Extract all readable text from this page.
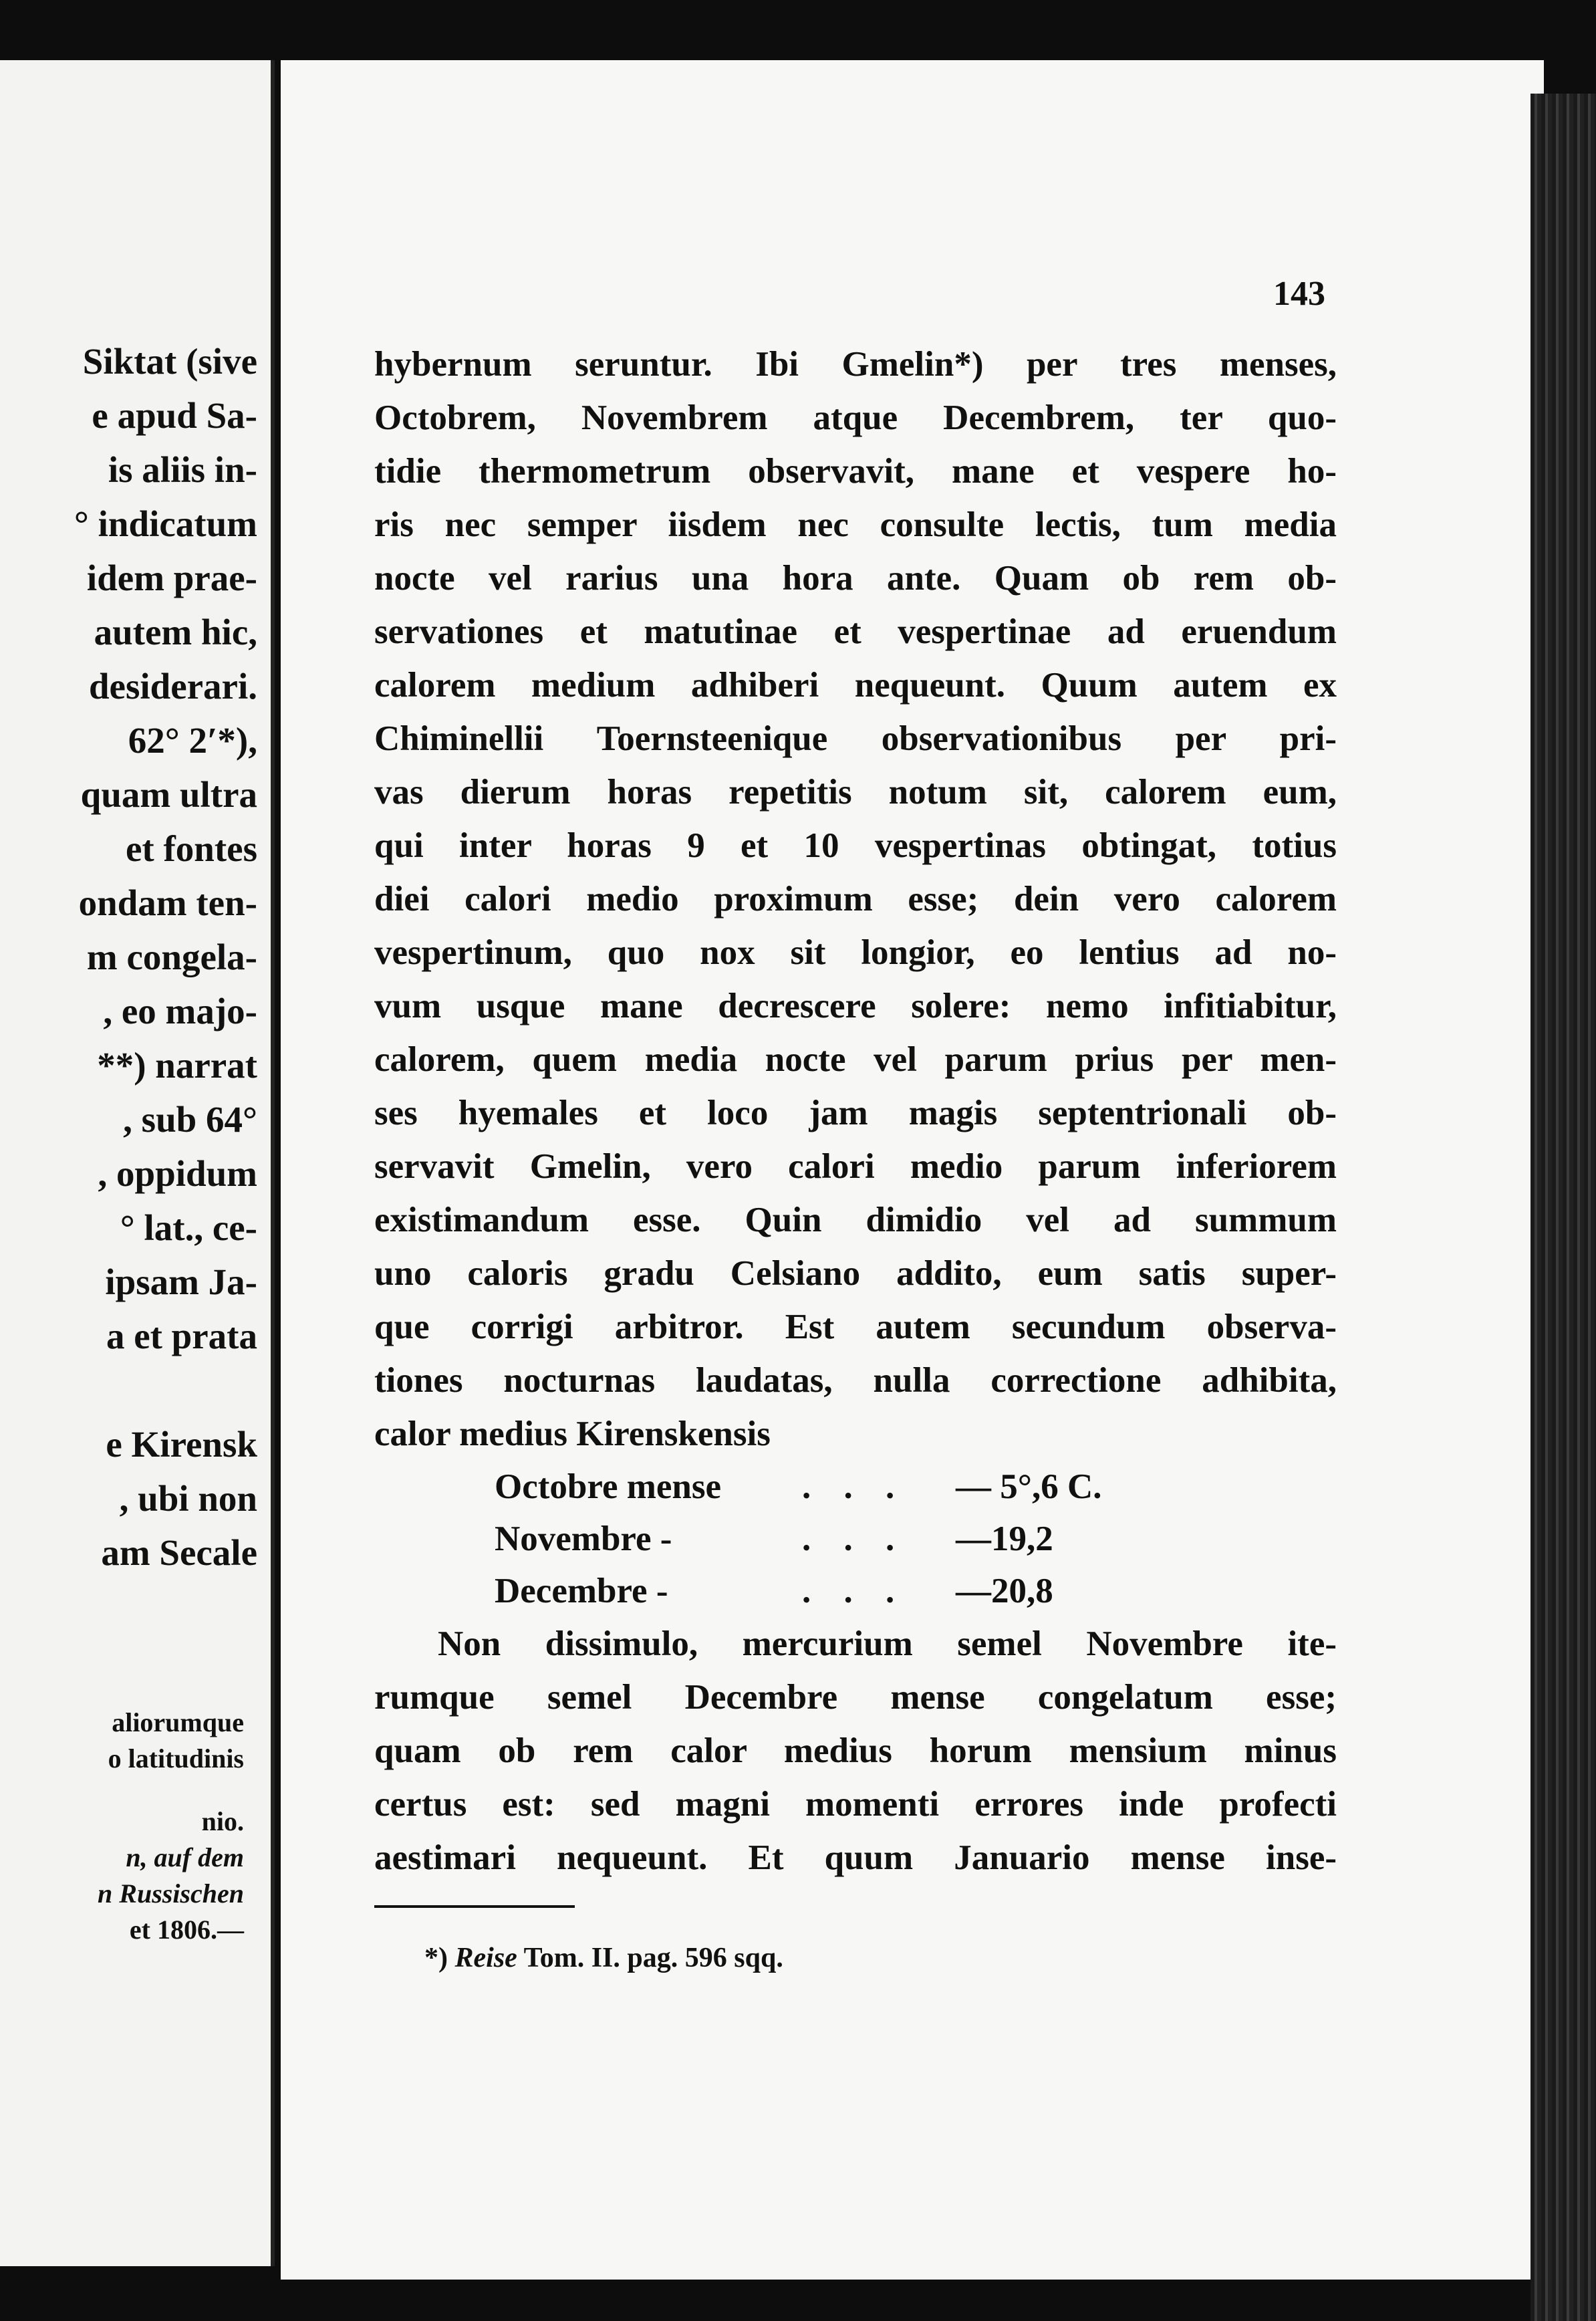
Siktat (sive
e apud Sa-
is aliis in-
° indicatum
idem prae-
autem hic,
desiderari.
62° 2′*),
quam ultra
et fontes
ondam ten-
m congela-
, eo majo-
**) narrat
, sub 64°
, oppidum
° lat., ce-
ipsam Ja-
a et prata
e Kirensk
, ubi non
am Secale
aliorumque
o latitudinis
nio.
n, auf dem
n Russischen
et 1806.—
143
hybernum seruntur. Ibi Gmelin*) per tres menses,
Octobrem, Novembrem atque Decembrem, ter quo-
tidie thermometrum observavit, mane et vespere ho-
ris nec semper iisdem nec consulte lectis, tum media
nocte vel rarius una hora ante. Quam ob rem ob-
servationes et matutinae et vespertinae ad eruendum
calorem medium adhiberi nequeunt. Quum autem ex
Chiminellii Toernsteenique observationibus per pri-
vas dierum horas repetitis notum sit, calorem eum,
qui inter horas 9 et 10 vespertinas obtingat, totius
diei calori medio proximum esse; dein vero calorem
vespertinum, quo nox sit longior, eo lentius ad no-
vum usque mane decrescere solere: nemo infitiabitur,
calorem, quem media nocte vel parum prius per men-
ses hyemales et loco jam magis septentrionali ob-
servavit Gmelin, vero calori medio parum inferiorem
existimandum esse. Quin dimidio vel ad summum
uno caloris gradu Celsiano addito, eum satis super-
que corrigi arbitror. Est autem secundum observa-
tiones nocturnas laudatas, nulla correctione adhibita,
calor medius Kirenskensis
Octobre mense . . . — 5°,6 C.
Novembre -	. . . —19,2
Decembre -	. . . —20,8
Non dissimulo, mercurium semel Novembre ite-
rumque semel Decembre mense congelatum esse;
quam ob rem calor medius horum mensium minus
certus est: sed magni momenti errores inde profecti
aestimari nequeunt. Et quum Januario mense inse-
*) Reise Tom. II. pag. 596 sqq.
